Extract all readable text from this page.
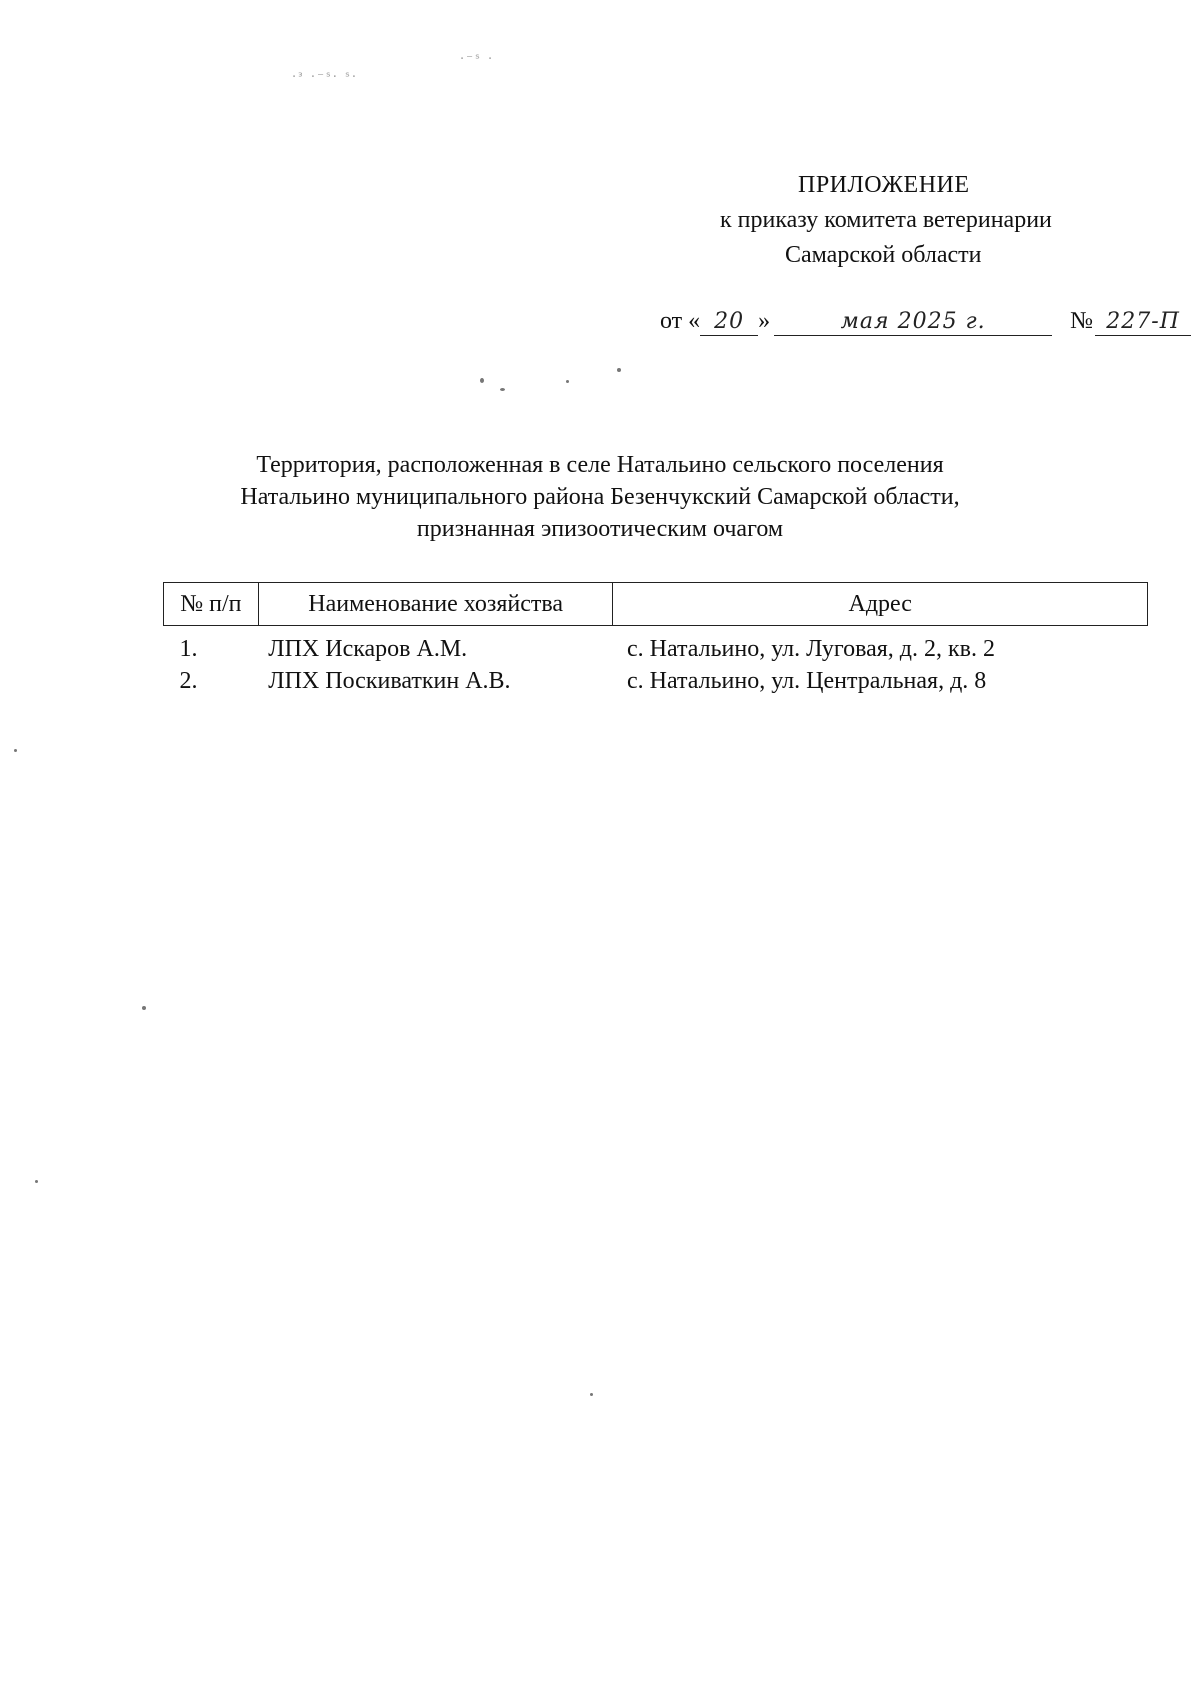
·ᵌ ·⁻ˢ· ˢ·
·⁻ˢ ·
ПРИЛОЖЕНИЕ
к приказу комитета ветеринарии
Самарской области
от « 20 »	мая 2025 г.	№ 227-П
Территория, расположенная в селе Натальино сельского поселения
Натальино муниципального района Безенчукский Самарской области,
признанная эпизоотическим очагом
№ п/п	Наименование хозяйства	Адрес

1.	ЛПХ Искаров А.М.	с. Натальино, ул. Луговая, д. 2, кв. 2
2.	ЛПХ Поскиваткин А.В.	с. Натальино, ул. Центральная, д. 8
